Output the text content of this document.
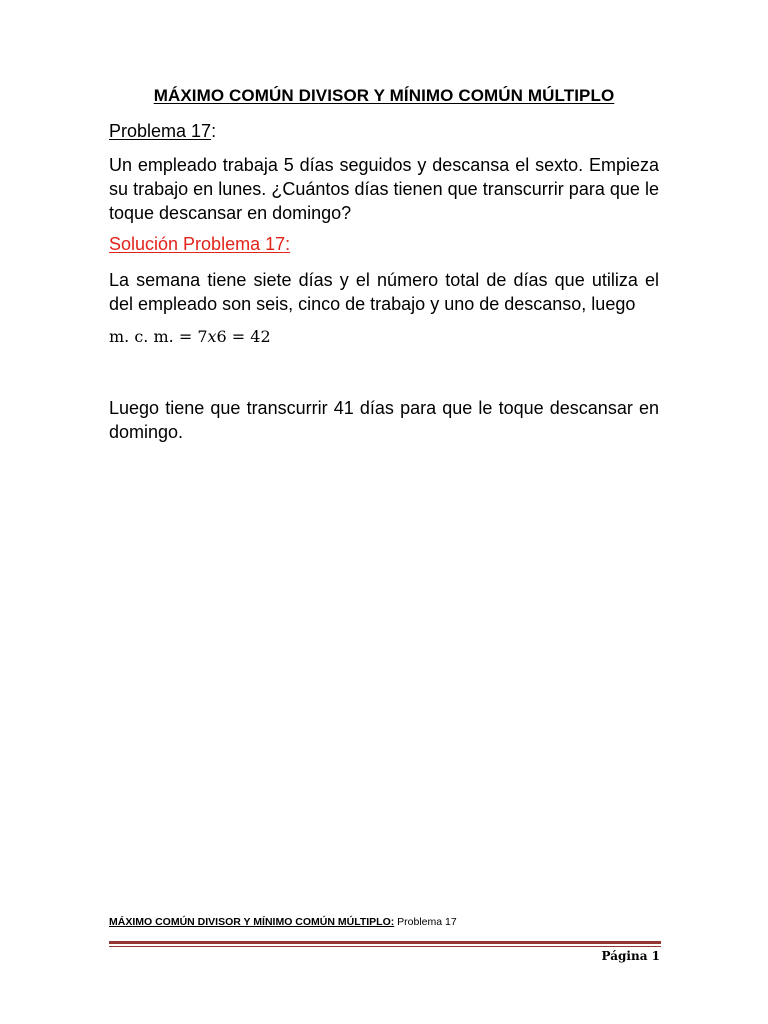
MÁXIMO COMÚN DIVISOR Y MÍNIMO COMÚN MÚLTIPLO
Problema 17:
Un empleado trabaja 5 días seguidos y descansa el sexto. Empieza su trabajo en lunes. ¿Cuántos días tienen que transcurrir para que le toque descansar en domingo?
Solución Problema 17:
La semana tiene siete días y el número total de días que utiliza el del empleado son seis, cinco de trabajo y uno de descanso, luego
m. c. m. = 7𝑥6 = 42
Luego tiene que transcurrir 41 días para que le toque descansar en domingo.
MÁXIMO COMÚN DIVISOR Y MÍNIMO COMÚN MÚLTIPLO: Problema 17
Página 1
